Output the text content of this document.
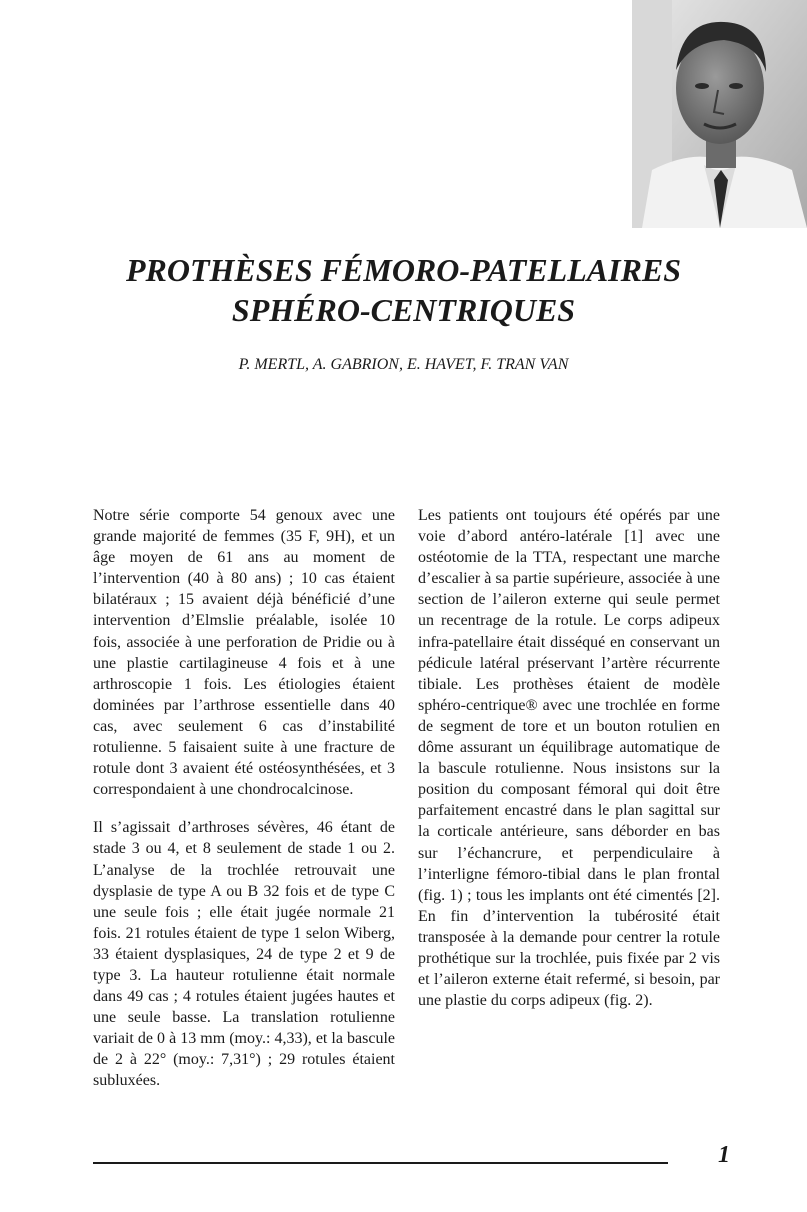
PROTHÈSES FÉMORO-PATELLAIRES
SPHÉRO-CENTRIQUES

P. MERTL, A. GABRION, E. HAVET, F. TRAN VAN

Notre série comporte 54 genoux avec une grande majorité de femmes (35 F, 9H), et un âge moyen de 61 ans au moment de l’intervention (40 à 80 ans) ; 10 cas étaient bilatéraux ; 15 avaient déjà bénéficié d’une intervention d’Elmslie préalable, isolée 10 fois, associée à une perforation de Pridie ou à une plastie cartilagineuse 4 fois et à une arthroscopie 1 fois. Les étiologies étaient dominées par l’arthrose essentielle dans 40 cas, avec seulement 6 cas d’instabilité rotulienne. 5 faisaient suite à une fracture de rotule dont 3 avaient été ostéosynthésées, et 3 correspondaient à une chondrocalcinose.

Il s’agissait d’arthroses sévères, 46 étant de stade 3 ou 4, et 8 seulement de stade 1 ou 2. L’analyse de la trochlée retrouvait une dysplasie de type A ou B 32 fois et de type C une seule fois ; elle était jugée normale 21 fois. 21 rotules étaient de type 1 selon Wiberg, 33 étaient dysplasiques, 24 de type 2 et 9 de type 3. La hauteur rotulienne était normale dans 49 cas ; 4 rotules étaient jugées hautes et une seule basse. La translation rotulienne variait de 0 à 13 mm (moy.: 4,33), et la bascule de 2 à 22° (moy.: 7,31°) ; 29 rotules étaient subluxées.

Les patients ont toujours été opérés par une voie d’abord antéro-latérale [1] avec une ostéotomie de la TTA, respectant une marche d’escalier à sa partie supérieure, associée à une section de l’aileron externe qui seule permet un recentrage de la rotule. Le corps adipeux infra-patellaire était disséqué en conservant un pédicule latéral préservant l’artère récurrente tibiale. Les prothèses étaient de modèle sphéro-centrique® avec une trochlée en forme de segment de tore et un bouton rotulien en dôme assurant un équilibrage automatique de la bascule rotulienne. Nous insistons sur la position du composant fémoral qui doit être parfaitement encastré dans le plan sagittal sur la corticale antérieure, sans déborder en bas sur l’échancrure, et perpendiculaire à l’interligne fémoro-tibial dans le plan frontal (fig. 1) ; tous les implants ont été cimentés [2]. En fin d’intervention la tubérosité était transposée à la demande pour centrer la rotule prothétique sur la trochlée, puis fixée par 2 vis et l’aileron externe était refermé, si besoin, par une plastie du corps adipeux (fig. 2).

1
